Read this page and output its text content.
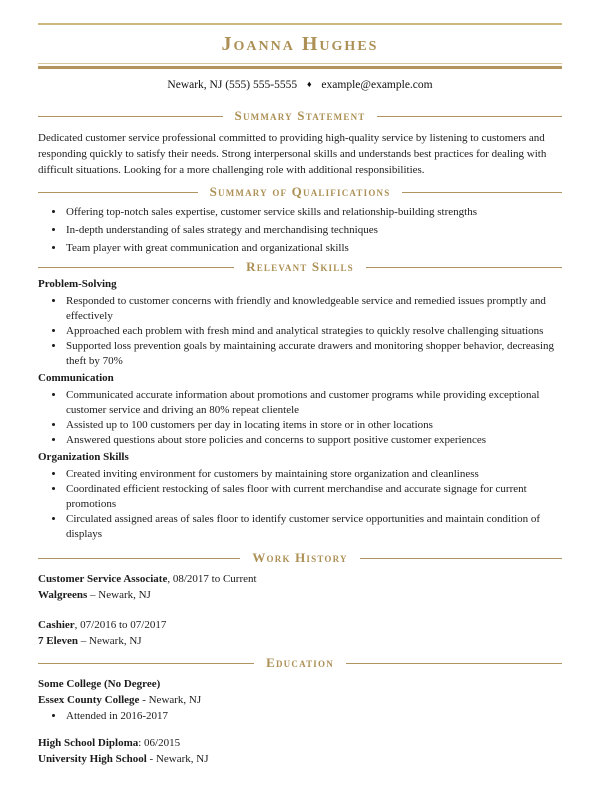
Joanna Hughes
Newark, NJ (555) 555-5555 ♦ example@example.com
Summary Statement

Dedicated customer service professional committed to providing high-quality service by listening to customers and responding quickly to satisfy their needs. Strong interpersonal skills and understands best practices for dealing with difficult situations. Looking for a more challenging role with additional responsibilities.

Summary of Qualifications
• Offering top-notch sales expertise, customer service skills and relationship-building strengths
• In-depth understanding of sales strategy and merchandising techniques
• Team player with great communication and organizational skills
Relevant Skills
Problem-Solving
• Responded to customer concerns with friendly and knowledgeable service and remedied issues promptly and effectively
• Approached each problem with fresh mind and analytical strategies to quickly resolve challenging situations
• Supported loss prevention goals by maintaining accurate drawers and monitoring shopper behavior, decreasing theft by 70%
Communication
• Communicated accurate information about promotions and customer programs while providing exceptional customer service and driving an 80% repeat clientele
• Assisted up to 100 customers per day in locating items in store or in other locations
• Answered questions about store policies and concerns to support positive customer experiences
Organization Skills
• Created inviting environment for customers by maintaining store organization and cleanliness
• Coordinated efficient restocking of sales floor with current merchandise and accurate signage for current promotions
• Circulated assigned areas of sales floor to identify customer service opportunities and maintain condition of displays
Work History
Customer Service Associate, 08/2017 to Current
Walgreens – Newark, NJ
Cashier, 07/2016 to 07/2017
7 Eleven – Newark, NJ
Education
Some College (No Degree)
Essex County College - Newark, NJ
• Attended in 2016-2017
High School Diploma: 06/2015
University High School - Newark, NJ
